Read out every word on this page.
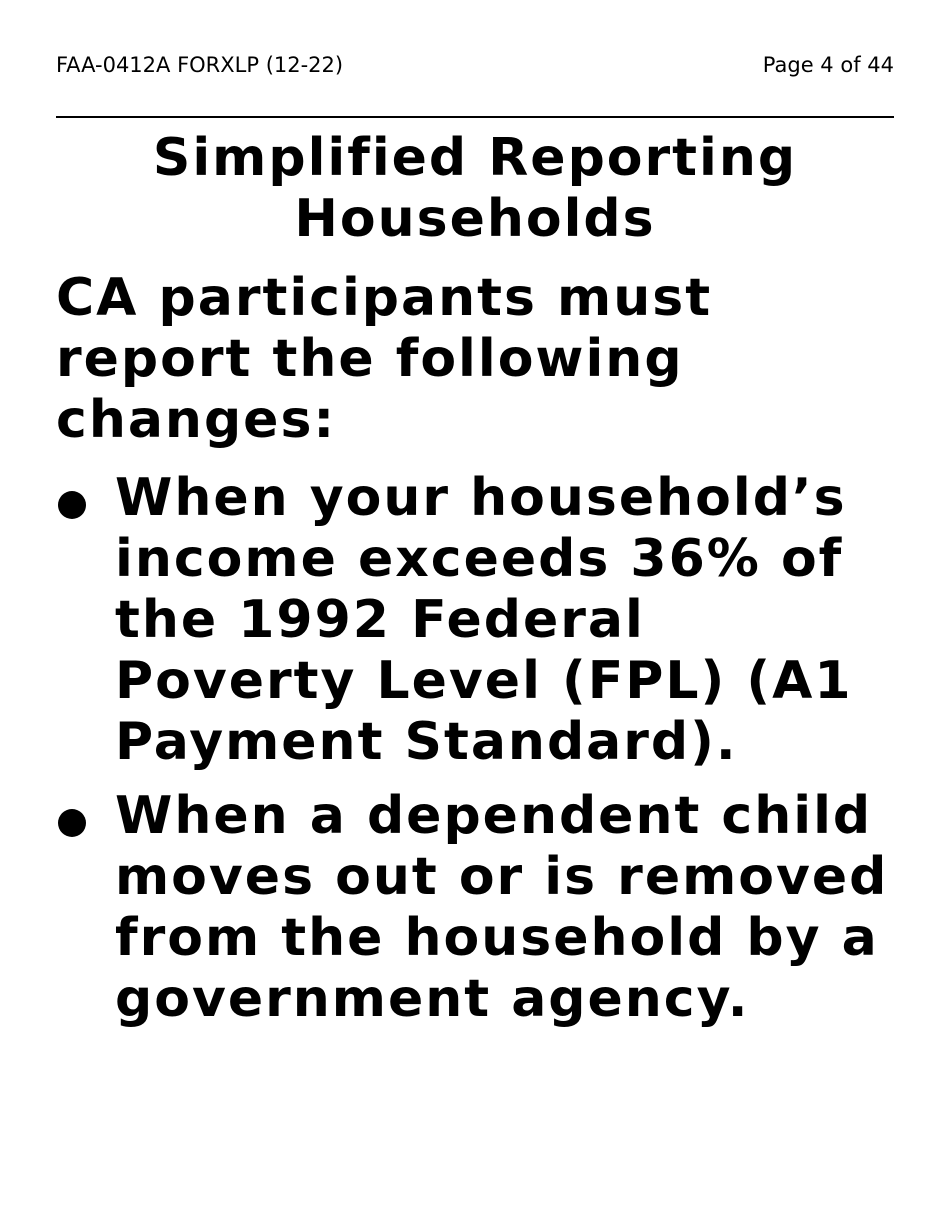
FAA-0412A FORXLP (12-22)	Page 4 of 44
Simplified Reporting Households

CA participants must report the following changes:

When your household’s income exceeds 36% of the 1992 Federal Poverty Level (FPL) (A1 Payment Standard).
When a dependent child moves out or is removed from the household by a government agency.
